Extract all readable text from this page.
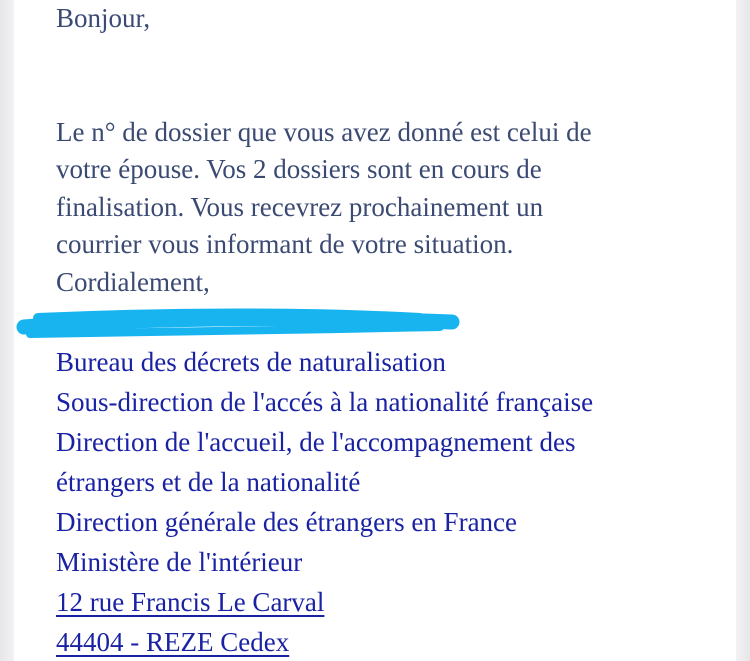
Bonjour,
Le n° de dossier que vous avez donné est celui de
votre épouse. Vos 2 dossiers sont en cours de
finalisation. Vous recevrez prochainement un
courrier vous informant de votre situation.
Cordialement,
Bureau des décrets de naturalisation
Sous-direction de l'accés à la nationalité française
Direction de l'accueil, de l'accompagnement des
étrangers et de la nationalité
Direction générale des étrangers en France
Ministère de l'intérieur
12 rue Francis Le Carval
44404 - REZE Cedex
